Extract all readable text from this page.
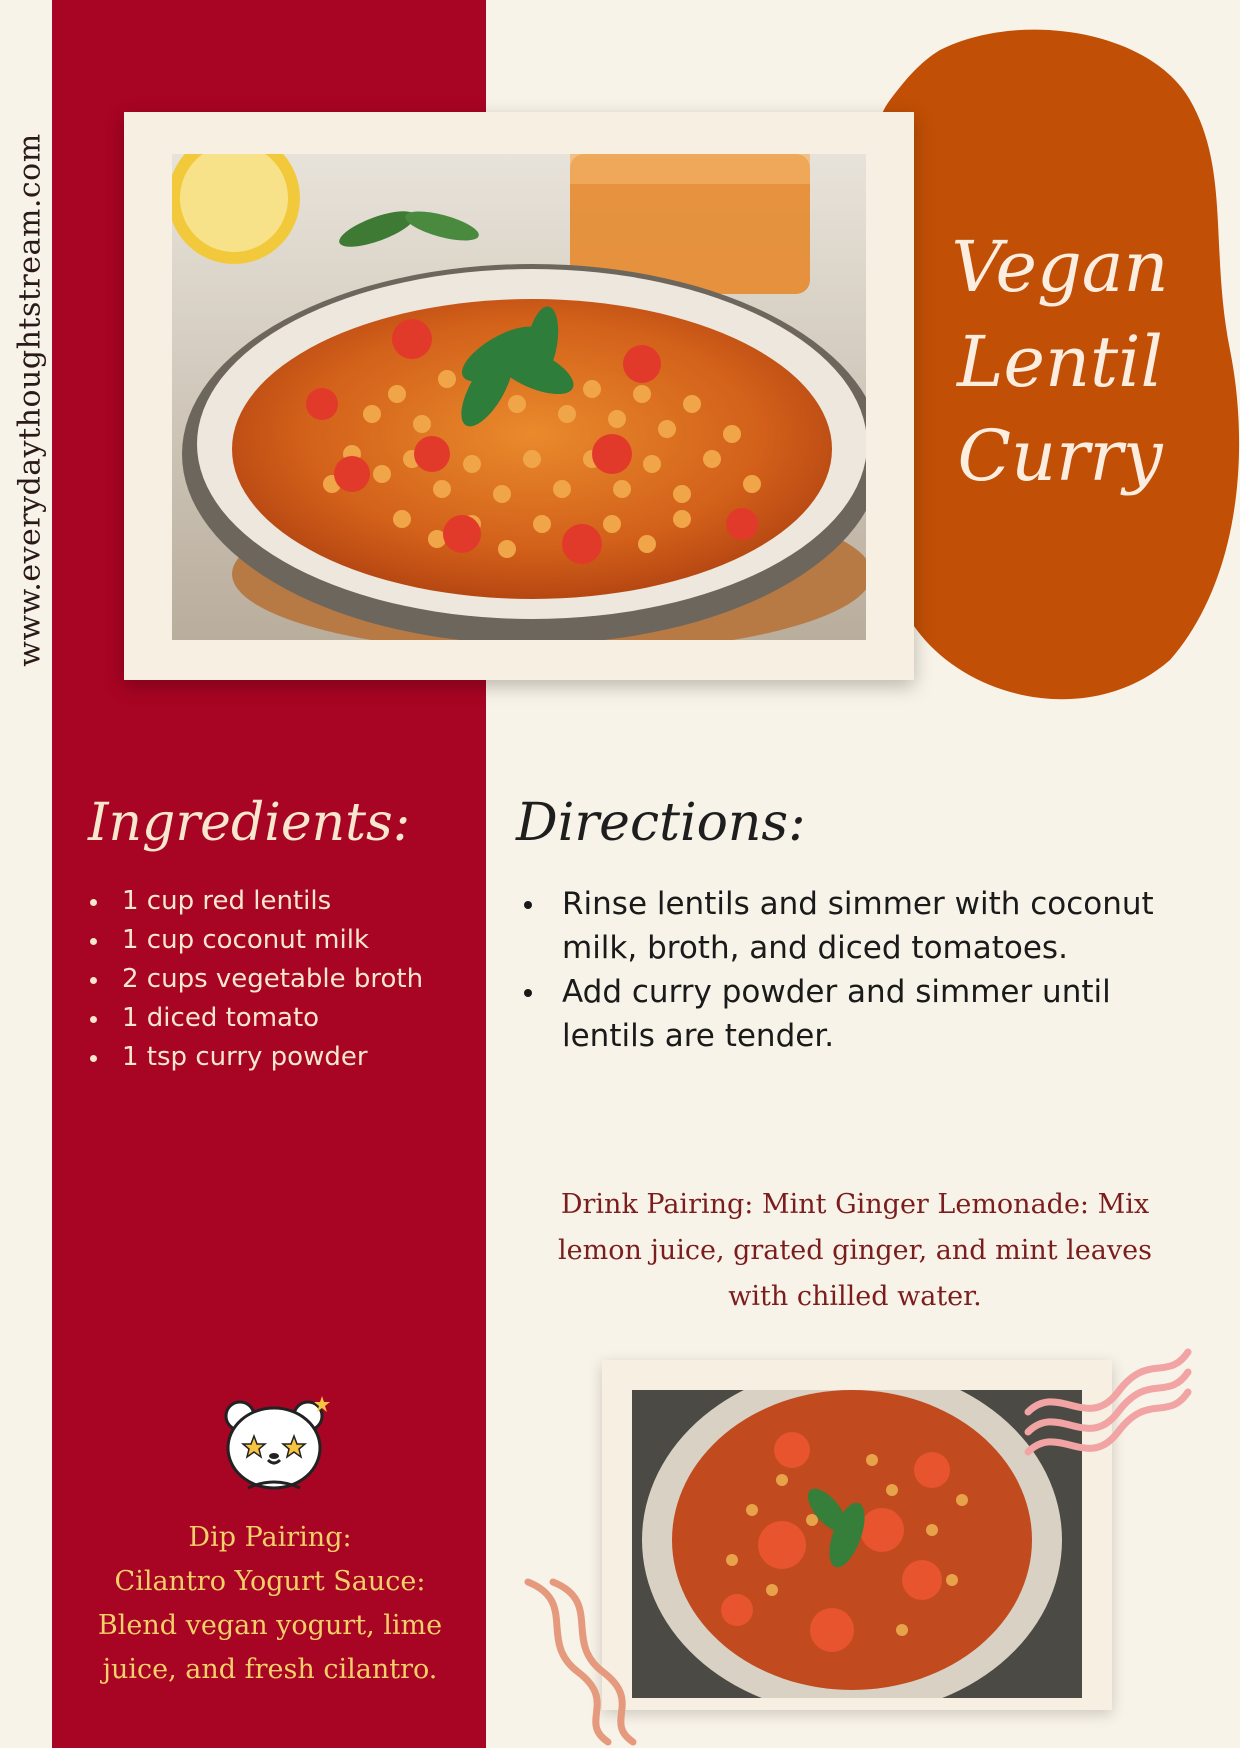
www.everydaythoughtstream.com	Vegan
Lentil Curry
Ingredients:
1 cup red lentils
1 cup coconut milk
2 cups vegetable broth
1 diced tomato
1 tsp curry powder
Directions:
Rinse lentils and simmer with coconut milk, broth, and diced tomatoes.
Add curry powder and simmer until lentils are tender.
Drink Pairing: Mint Ginger Lemonade: Mix lemon juice, grated ginger, and mint leaves with chilled water.
Dip Pairing:
Cilantro Yogurt Sauce: Blend vegan yogurt, lime juice, and fresh cilantro.
